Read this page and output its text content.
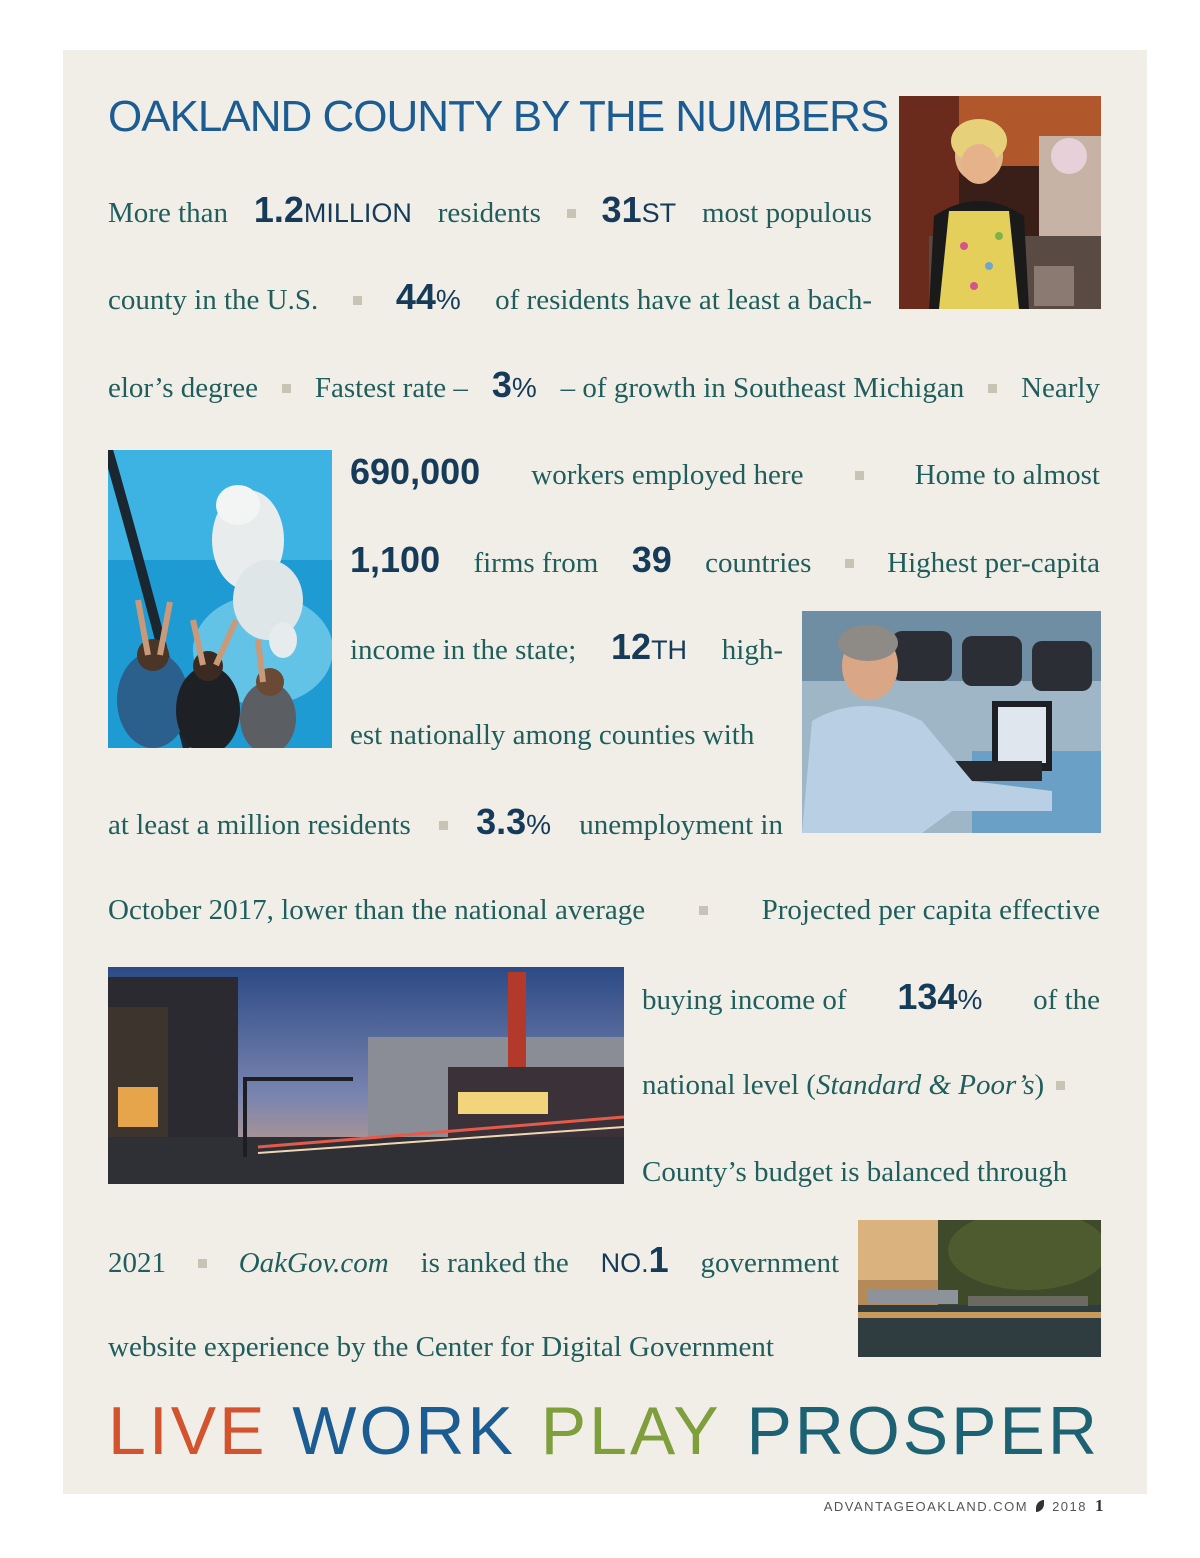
OAKLAND COUNTY BY THE NUMBERS
More than 1.2MILLION residents 31ST most populous
county in the U.S. 44% of residents have at least a bach-
elor’s degree Fastest rate – 3% – of growth in Southeast Michigan Nearly
690,000 workers employed here	Home to almost
1,100 firms from 39 countries	Highest per-capita
income in the state; 12TH high-
est nationally among counties with
at least a million residents 3.3% unemployment in
October 2017, lower than the national average	Projected per capita effective
buying income of 134% of the
national level (Standard & Poor’s)
County’s budget is balanced through
2021	OakGov.com is ranked the NO.1 government
website experience by the Center for Digital Government
LIVE WORK PLAY PROSPER
ADVANTAGEOAKLAND.COM 2018 1
